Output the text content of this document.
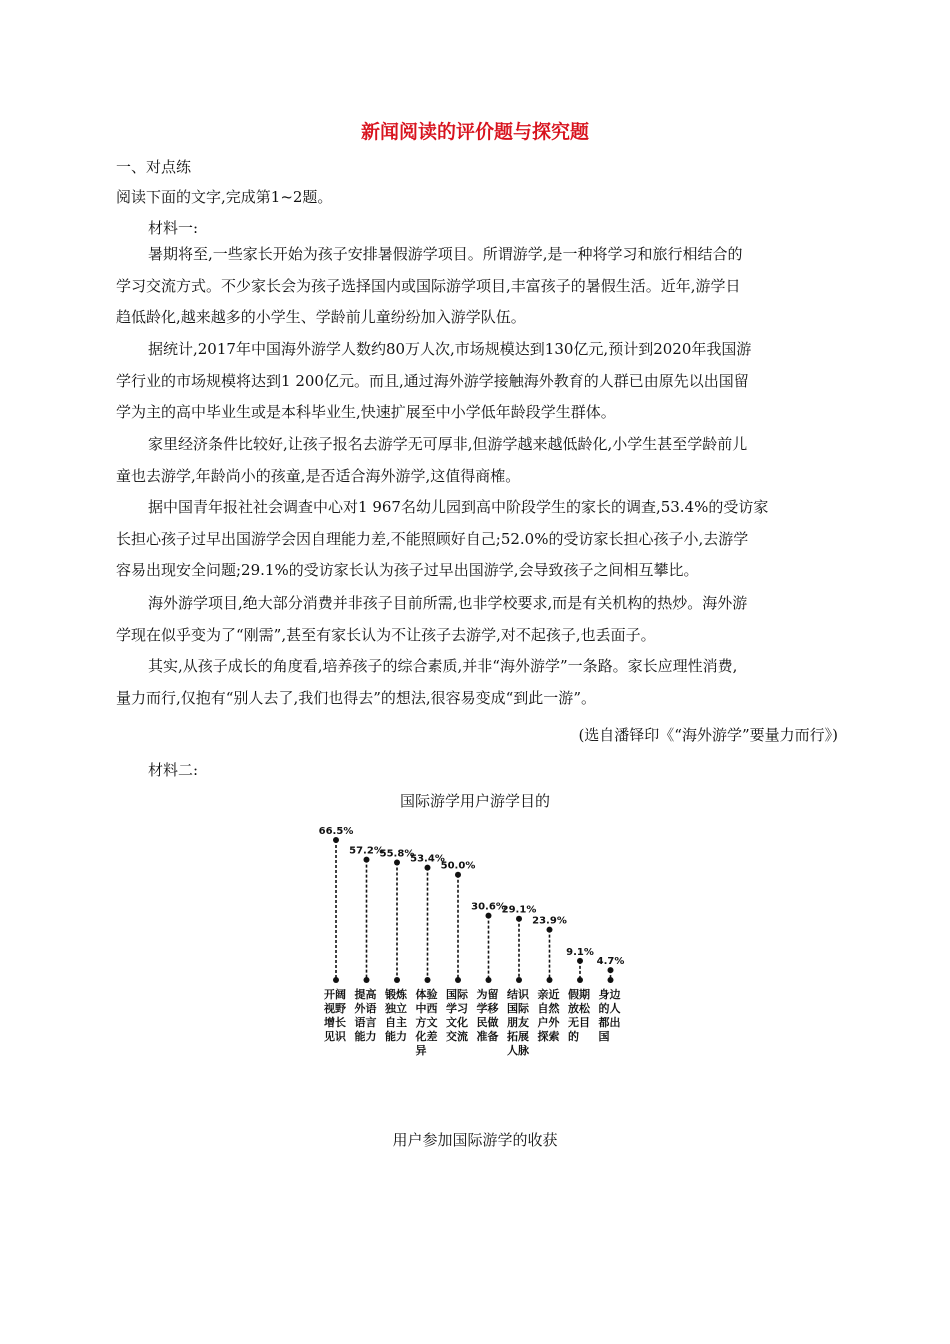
新闻阅读的评价题与探究题
一、对点练
阅读下面的文字,完成第1~2题。
材料一:
暑期将至,一些家长开始为孩子安排暑假游学项目。所谓游学,是一种将学习和旅行相结合的
学习交流方式。不少家长会为孩子选择国内或国际游学项目,丰富孩子的暑假生活。近年,游学日
趋低龄化,越来越多的小学生、学龄前儿童纷纷加入游学队伍。
据统计,2017年中国海外游学人数约80万人次,市场规模达到130亿元,预计到2020年我国游
学行业的市场规模将达到1 200亿元。而且,通过海外游学接触海外教育的人群已由原先以出国留
学为主的高中毕业生或是本科毕业生,快速扩展至中小学低年龄段学生群体。
家里经济条件比较好,让孩子报名去游学无可厚非,但游学越来越低龄化,小学生甚至学龄前儿
童也去游学,年龄尚小的孩童,是否适合海外游学,这值得商榷。
据中国青年报社社会调查中心对1 967名幼儿园到高中阶段学生的家长的调查,53.4%的受访家
长担心孩子过早出国游学会因自理能力差,不能照顾好自己;52.0%的受访家长担心孩子小,去游学
容易出现安全问题;29.1%的受访家长认为孩子过早出国游学,会导致孩子之间相互攀比。
海外游学项目,绝大部分消费并非孩子目前所需,也非学校要求,而是有关机构的热炒。海外游
学现在似乎变为了“刚需”,甚至有家长认为不让孩子去游学,对不起孩子,也丢面子。
其实,从孩子成长的角度看,培养孩子的综合素质,并非“海外游学”一条路。家长应理性消费,
量力而行,仅抱有“别人去了,我们也得去”的想法,很容易变成“到此一游”。
(选自潘铎印《“海外游学”要量力而行》)
材料二:
国际游学用户游学目的
66.5%
开阔
视野
增长
见识
57.2%
提高
外语
语言
能力
55.8%
锻炼
独立
自主
能力
53.4%
体验
中西
方文
化差
异
50.0%
国际
学习
文化
交流
30.6%
为留
学移
民做
准备
29.1%
结识
国际
朋友
拓展
人脉
23.9%
亲近
自然
户外
探索
9.1%
假期
放松
无目
的
4.7%
身边
的人
都出
国
用户参加国际游学的收获
